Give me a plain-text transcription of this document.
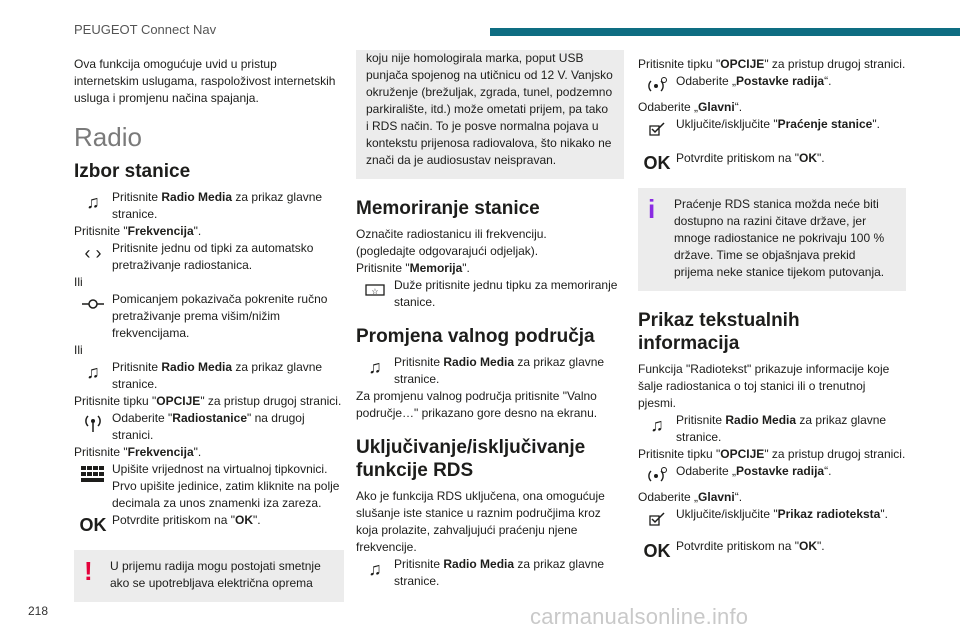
PEUGEOT Connect Nav

Ova funkcija omogućuje uvid u pristup internetskim uslugama, raspoloživost internetskih usluga i promjenu načina spajanja.

Radio
Izbor stanice
♫	Pritisnite Radio Media za prikaz glavne stranice.

Pritisnite "Frekvencija".

‹ › Pritisnite jednu od tipki za automatsko pretraživanje radiostanica.

Ili

Pomicanjem pokazivača pokrenite ručno pretraživanje prema višim/nižim frekvencijama.

Ili

♫	Pritisnite Radio Media za prikaz glavne stranice.

Pritisnite tipku "OPCIJE" za pristup drugoj stranici.

Odaberite "Radiostanice" na drugoj stranici.

Pritisnite "Frekvencija".

Upišite vrijednost na virtualnoj tipkovnici. Prvo upišite jedinice, zatim kliknite na polje decimala za unos znamenki iza zareza.
OK Potvrdite pritiskom na "OK".
!	U prijemu radija mogu postojati smetnje ako se upotrebljava električna oprema

koju nije homologirala marka, poput USB punjača spojenog na utičnicu od 12 V. Vanjsko okruženje (brežuljak, zgrada, tunel, podzemno parkiralište, itd.) može ometati prijem, pa tako i RDS način. To je posve normalna pojava u kontekstu prijenosa radiovalova, što nikako ne znači da je audiosustav neispravan.

Memoriranje stanice

Označite radiostanicu ili frekvenciju.

(pogledajte odgovarajući odjeljak).

Pritisnite "Memorija".

☆ Duže pritisnite jednu tipku za memoriranje stanice.
Promjena valnog područja
♫	Pritisnite Radio Media za prikaz glavne stranice.

Za promjenu valnog područja pritisnite "Valno područje…" prikazano gore desno na ekranu.

Uključivanje/isključivanje funkcije RDS

Ako je funkcija RDS uključena, ona omogućuje slušanje iste stanice u raznim područjima kroz koja prolazite, zahvaljujući praćenju njene frekvencije.

♫	Pritisnite Radio Media za prikaz glavne stranice.

Pritisnite tipku "OPCIJE" za pristup drugoj stranici.

Odaberite „Postavke radija“.

Odaberite „Glavni“.

Uključite/isključite "Praćenje stanice".
OK Potvrdite pritiskom na "OK".
i	Praćenje RDS stanica možda neće biti dostupno na razini čitave države, jer mnoge radiostanice ne pokrivaju 100 % države. Time se objašnjava prekid prijema neke stanice tijekom putovanja.
Prikaz tekstualnih informacija

Funkcija "Radiotekst" prikazuje informacije koje šalje radiostanica o toj stanici ili o trenutnoj pjesmi.

♫	Pritisnite Radio Media za prikaz glavne stranice.

Pritisnite tipku "OPCIJE" za pristup drugoj stranici.

Odaberite „Postavke radija“.

Odaberite „Glavni“.

Uključite/isključite "Prikaz radioteksta".
OK Potvrdite pritiskom na "OK".
218	carmanualsonline.info
